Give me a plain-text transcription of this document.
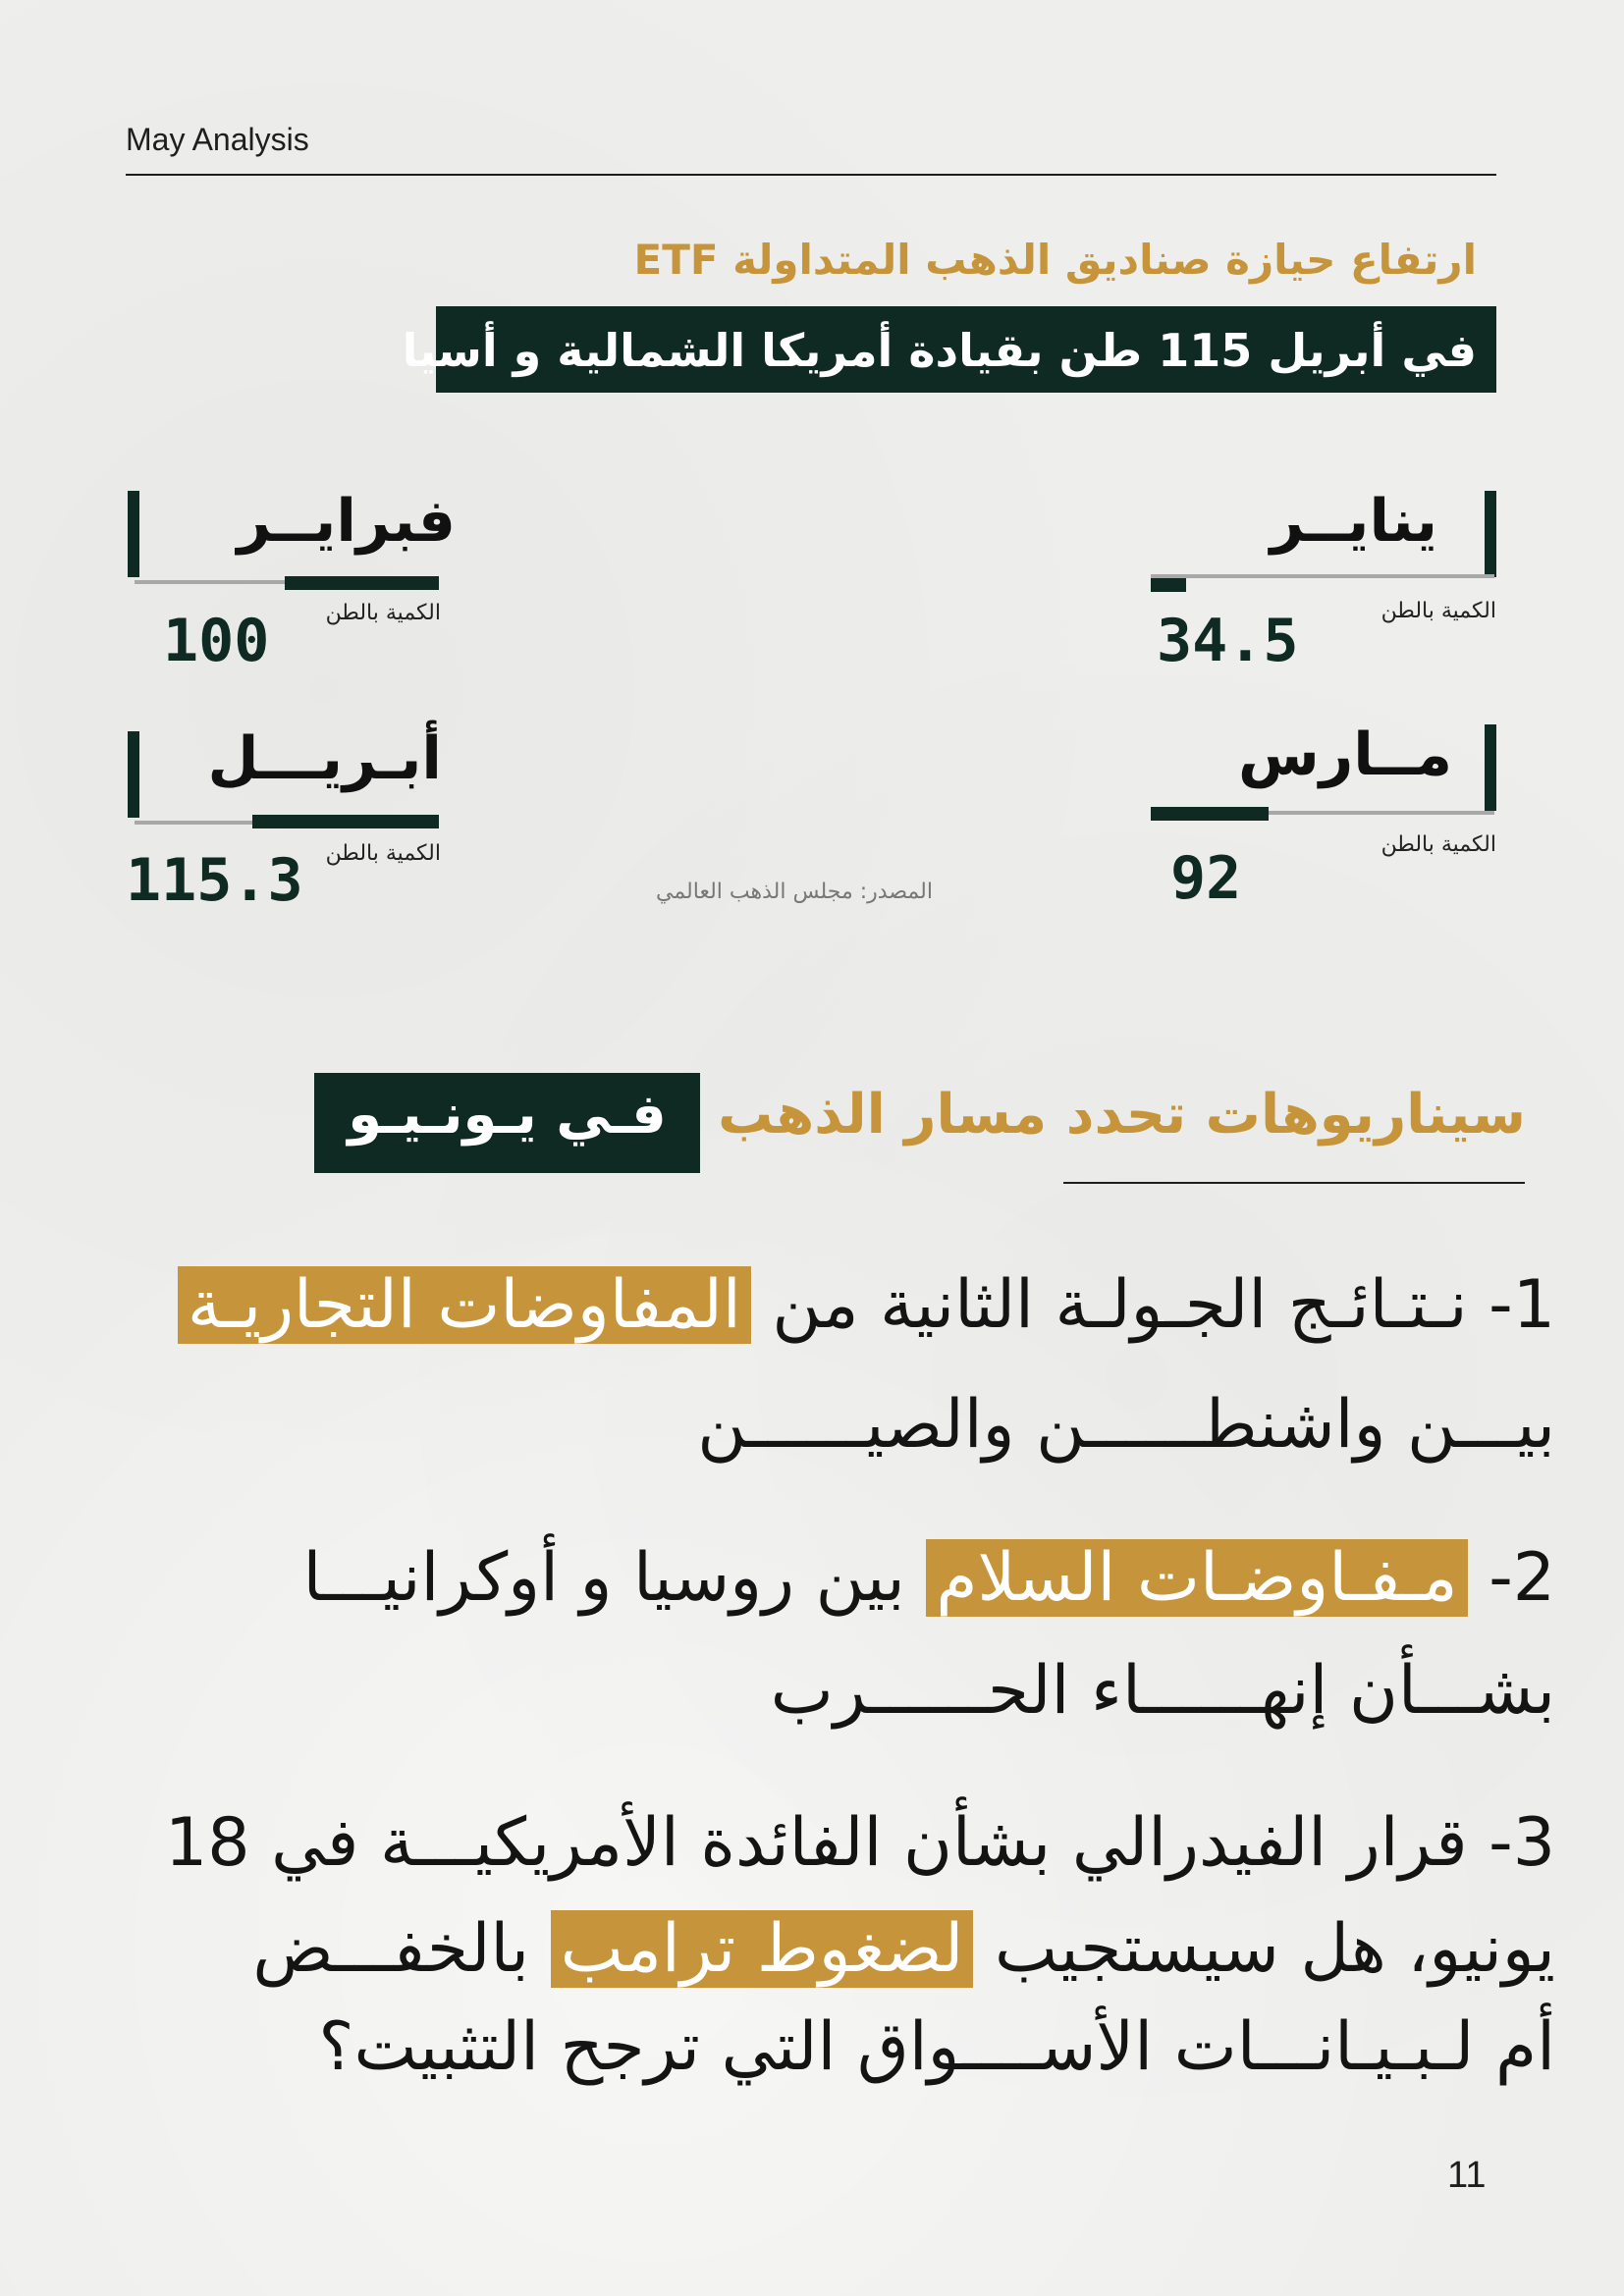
May Analysis
ارتفاع حيازة صناديق الذهب المتداولة ETF
في أبريل 115 طن بقيادة أمريكا الشمالية و أسيا
ينايــر
الكمية بالطن
34.5
فبرايــر
الكمية بالطن
100
مــارس
الكمية بالطن
92
أبـريـــل
الكمية بالطن
115.3	المصدر: مجلس الذهب العالمي
فـي يـونـيـو سيناريوهات تحدد مسار الذهب
1- نـتـائـج الجـولـة الثانية من المفاوضات التجاريـة
بيـــن واشنطــــــن والصيــــــن
2- مـفـاوضـات السلام بين روسيا و أوكرانيـــا
بشـــأن إنهــــــاء الحــــــرب
3- قرار الفيدرالي بشأن الفائدة الأمريكيـــة في 18
يونيو، هل سيستجيب لضغوط ترامب بالخفـــض
أم لـبـيـانـــات الأســــواق التي ترجح التثبيت؟
11
